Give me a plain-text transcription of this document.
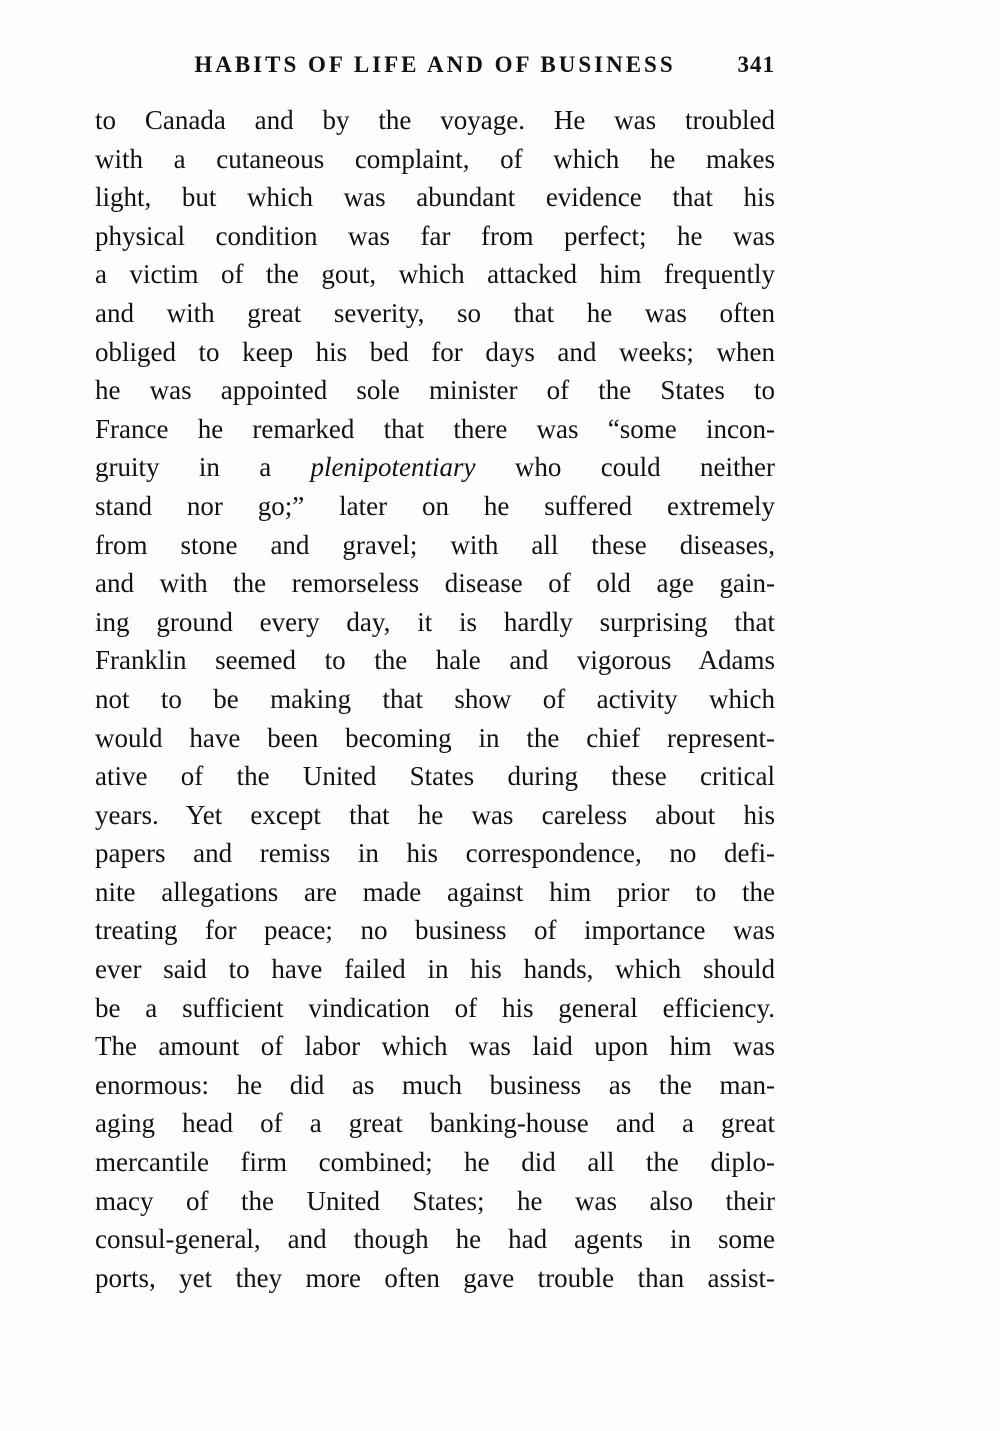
HABITS OF LIFE AND OF BUSINESS	341
to Canada and by the voyage. He was troubled
with a cutaneous complaint, of which he makes
light, but which was abundant evidence that his
physical condition was far from perfect; he was
a victim of the gout, which attacked him frequently
and with great severity, so that he was often
obliged to keep his bed for days and weeks; when
he was appointed sole minister of the States to
France he remarked that there was “some incon-
gruity in a plenipotentiary who could neither
stand nor go;” later on he suffered extremely
from stone and gravel; with all these diseases,
and with the remorseless disease of old age gain-
ing ground every day, it is hardly surprising that
Franklin seemed to the hale and vigorous Adams
not to be making that show of activity which
would have been becoming in the chief represent-
ative of the United States during these critical
years. Yet except that he was careless about his
papers and remiss in his correspondence, no defi-
nite allegations are made against him prior to the
treating for peace; no business of importance was
ever said to have failed in his hands, which should
be a sufficient vindication of his general efficiency.
The amount of labor which was laid upon him was
enormous: he did as much business as the man-
aging head of a great banking-house and a great
mercantile firm combined; he did all the diplo-
macy of the United States; he was also their
consul-general, and though he had agents in some
ports, yet they more often gave trouble than assist-
